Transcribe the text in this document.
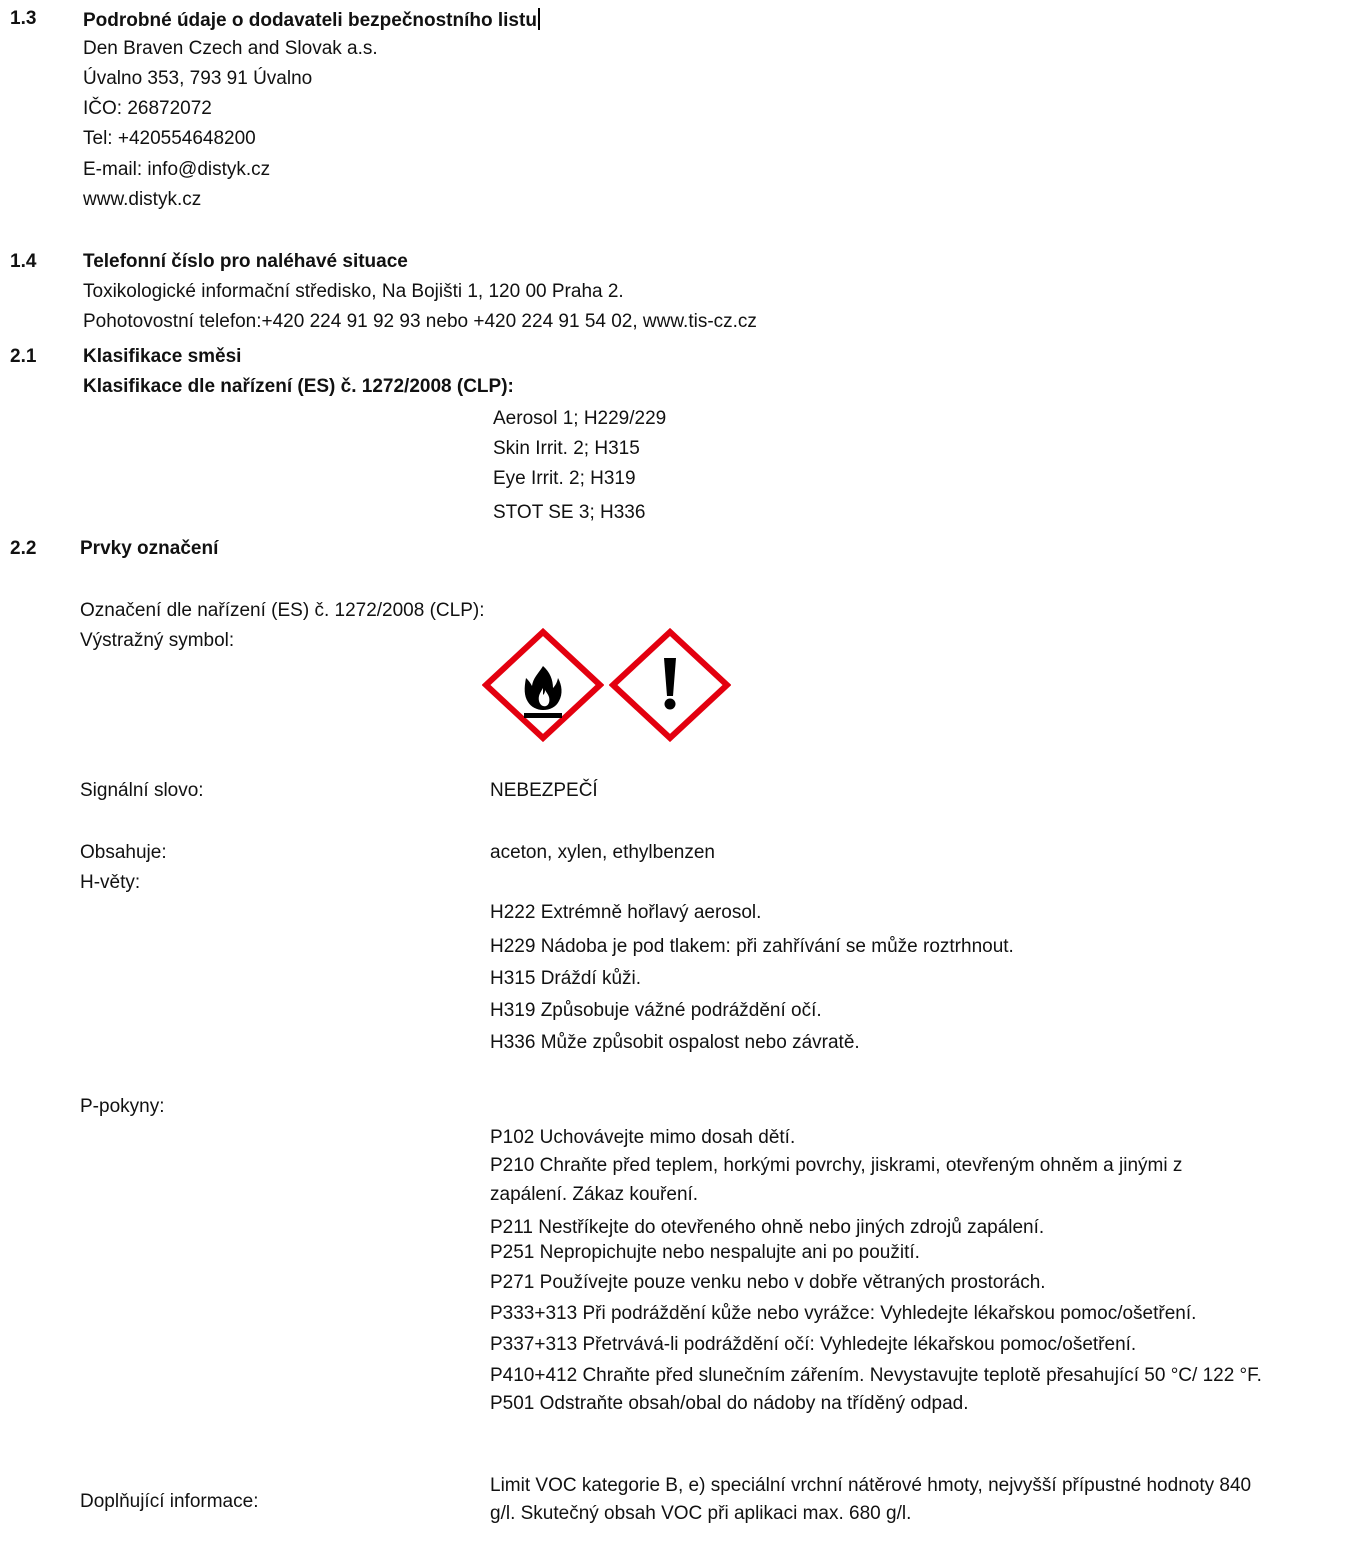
1.3 Podrobné údaje o dodavateli bezpečnostního listu
Den Braven Czech and Slovak a.s.
Úvalno 353, 793 91 Úvalno
IČO: 26872072
Tel: +420554648200
E-mail: info@distyk.cz
www.distyk.cz
1.4 Telefonní číslo pro naléhavé situace
Toxikologické informační středisko, Na Bojišti 1, 120 00 Praha 2.
Pohotovostní telefon:+420 224 91 92 93 nebo +420 224 91 54 02, www.tis-cz.cz
2.1 Klasifikace směsi
Klasifikace dle nařízení (ES) č. 1272/2008 (CLP):
Aerosol 1; H229/229
Skin Irrit. 2; H315
Eye Irrit. 2; H319
STOT SE 3; H336
2.2 Prvky označení
Označení dle nařízení (ES) č. 1272/2008 (CLP):
Výstražný symbol:
Signální slovo:	NEBEZPEČÍ
Obsahuje:	aceton, xylen, ethylbenzen
H-věty:
H222 Extrémně hořlavý aerosol.
H229 Nádoba je pod tlakem: při zahřívání se může roztrhnout.
H315 Dráždí kůži.
H319 Způsobuje vážné podráždění očí.
H336 Může způsobit ospalost nebo závratě.
P-pokyny:
P102 Uchovávejte mimo dosah dětí.
P210 Chraňte před teplem, horkými povrchy, jiskrami, otevřeným ohněm a jinými z
zapálení. Zákaz kouření.
P211 Nestříkejte do otevřeného ohně nebo jiných zdrojů zapálení.
P251 Nepropichujte nebo nespalujte ani po použití.
P271 Používejte pouze venku nebo v dobře větraných prostorách.
P333+313 Při podráždění kůže nebo vyrážce: Vyhledejte lékařskou pomoc/ošetření.
P337+313 Přetrvává-li podráždění očí: Vyhledejte lékařskou pomoc/ošetření.
P410+412 Chraňte před slunečním zářením. Nevystavujte teplotě přesahující 50 °C/ 122 °F.
P501 Odstraňte obsah/obal do nádoby na tříděný odpad.
Doplňující informace:
Limit VOC kategorie B, e) speciální vrchní nátěrové hmoty, nejvyšší přípustné hodnoty 840
g/l. Skutečný obsah VOC při aplikaci max. 680 g/l.
